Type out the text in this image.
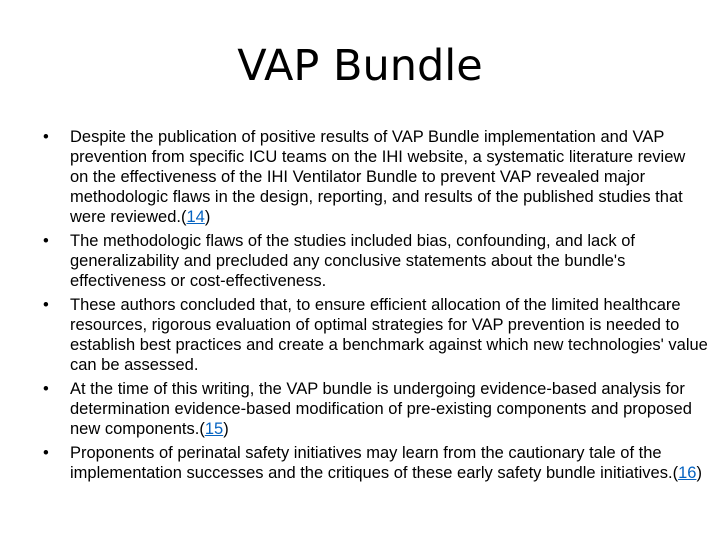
VAP Bundle
•	Despite the publication of positive results of VAP Bundle implementation and VAP prevention from specific ICU teams on the IHI website, a systematic literature review on the effectiveness of the IHI Ventilator Bundle to prevent VAP revealed major methodologic flaws in the design, reporting, and results of the published studies that were reviewed.(14)
•	The methodologic flaws of the studies included bias, confounding, and lack of generalizability and precluded any conclusive statements about the bundle's effectiveness or cost-effectiveness.
•	These authors concluded that, to ensure efficient allocation of the limited healthcare resources, rigorous evaluation of optimal strategies for VAP prevention is needed to establish best practices and create a benchmark against which new technologies' value can be assessed.
•	At the time of this writing, the VAP bundle is undergoing evidence-based analysis for determination evidence-based modification of pre-existing components and proposed new components.(15)
•	Proponents of perinatal safety initiatives may learn from the cautionary tale of the implementation successes and the critiques of these early safety bundle initiatives.(16)
